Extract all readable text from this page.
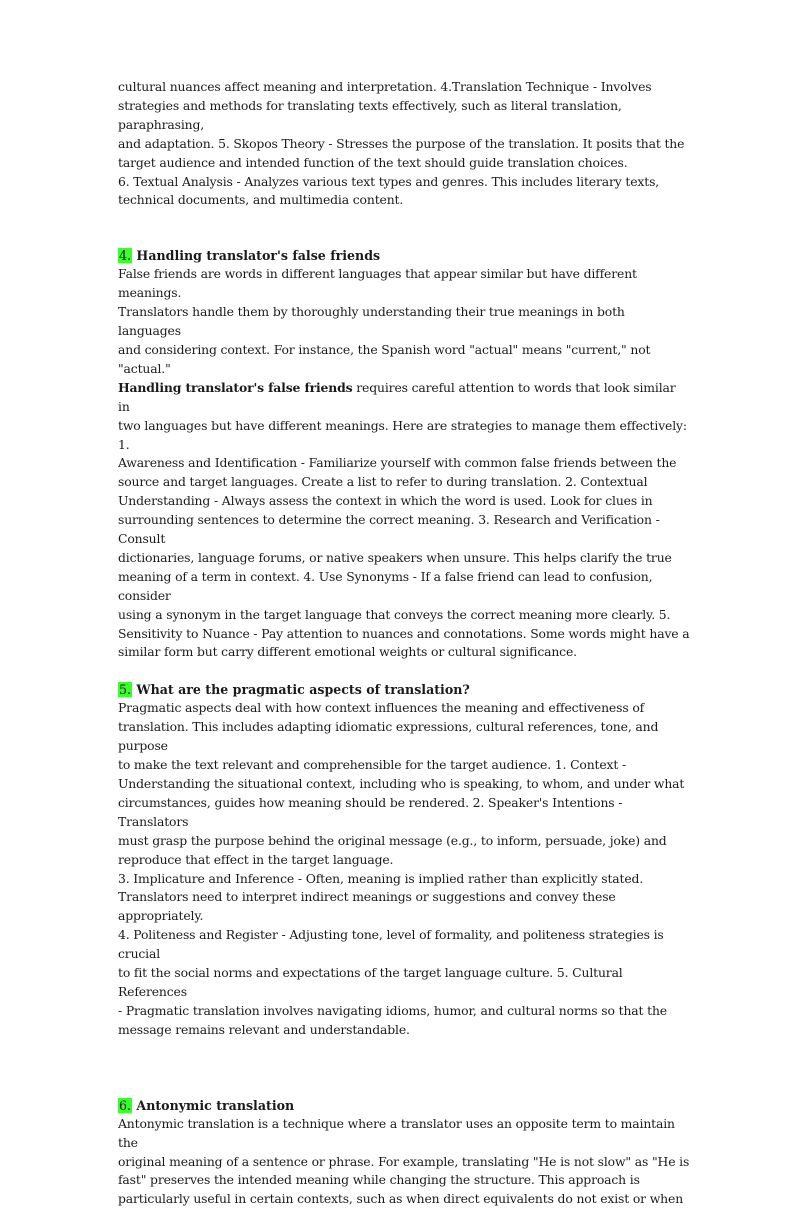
cultural nuances affect meaning and interpretation. 4.Translation Technique - Involves
strategies and methods for translating texts effectively, such as literal translation, paraphrasing,
and adaptation. 5. Skopos Theory - Stresses the purpose of the translation. It posits that the
target audience and intended function of the text should guide translation choices.
6. Textual Analysis - Analyzes various text types and genres. This includes literary texts,
technical documents, and multimedia content.

4. Handling translator's false friends

False friends are words in different languages that appear similar but have different meanings.
Translators handle them by thoroughly understanding their true meanings in both languages
and considering context. For instance, the Spanish word "actual" means "current," not "actual."

Handling translator's false friends requires careful attention to words that look similar in
two languages but have different meanings. Here are strategies to manage them effectively: 1.
Awareness and Identification - Familiarize yourself with common false friends between the
source and target languages. Create a list to refer to during translation. 2. Contextual
Understanding - Always assess the context in which the word is used. Look for clues in
surrounding sentences to determine the correct meaning. 3. Research and Verification - Consult
dictionaries, language forums, or native speakers when unsure. This helps clarify the true
meaning of a term in context. 4. Use Synonyms - If a false friend can lead to confusion, consider
using a synonym in the target language that conveys the correct meaning more clearly. 5.
Sensitivity to Nuance - Pay attention to nuances and connotations. Some words might have a
similar form but carry different emotional weights or cultural significance.

5. What are the pragmatic aspects of translation?

Pragmatic aspects deal with how context influences the meaning and effectiveness of
translation. This includes adapting idiomatic expressions, cultural references, tone, and purpose
to make the text relevant and comprehensible for the target audience. 1. Context -
Understanding the situational context, including who is speaking, to whom, and under what
circumstances, guides how meaning should be rendered. 2. Speaker's Intentions - Translators
must grasp the purpose behind the original message (e.g., to inform, persuade, joke) and
reproduce that effect in the target language.
3. Implicature and Inference - Often, meaning is implied rather than explicitly stated.
Translators need to interpret indirect meanings or suggestions and convey these appropriately.
4. Politeness and Register - Adjusting tone, level of formality, and politeness strategies is crucial
to fit the social norms and expectations of the target language culture. 5. Cultural References
- Pragmatic translation involves navigating idioms, humor, and cultural norms so that the
message remains relevant and understandable.

6. Antonymic translation

Antonymic translation is a technique where a translator uses an opposite term to maintain the
original meaning of a sentence or phrase. For example, translating "He is not slow" as "He is
fast" preserves the intended meaning while changing the structure. This approach is
particularly useful in certain contexts, such as when direct equivalents do not exist or when
